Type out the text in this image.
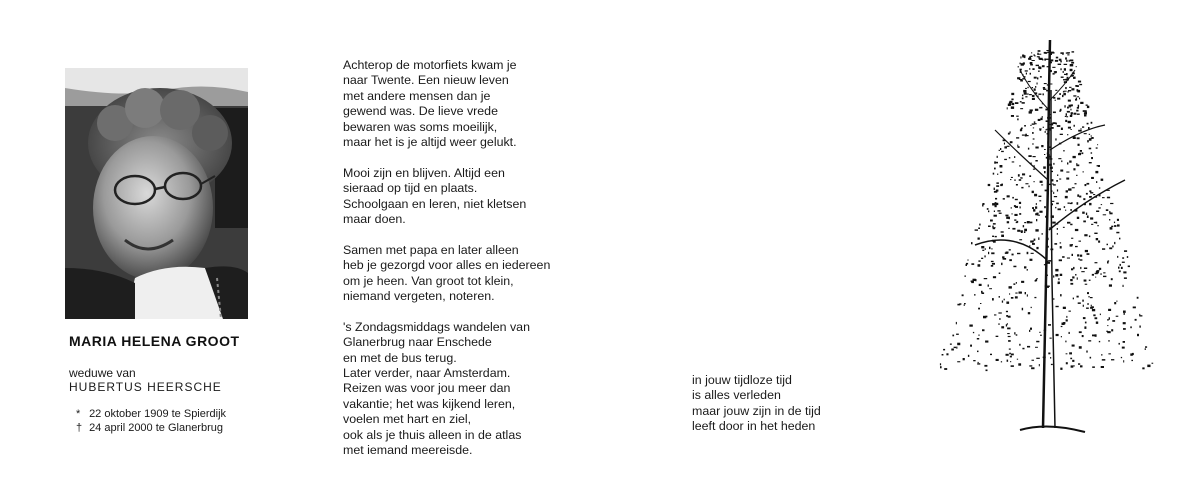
MARIA HELENA GROOT
weduwe van
HUBERTUS HEERSCHE
* 22 oktober 1909 te Spierdijk
† 24 april 2000 te Glanerbrug
Achterop de motorfiets kwam je
naar Twente. Een nieuw leven
met andere mensen dan je
gewend was. De lieve vrede
bewaren was soms moeilijk,
maar het is je altijd weer gelukt.
Mooi zijn en blijven. Altijd een
sieraad op tijd en plaats.
Schoolgaan en leren, niet kletsen
maar doen.
Samen met papa en later alleen
heb je gezorgd voor alles en iedereen
om je heen. Van groot tot klein,
niemand vergeten, noteren.
's Zondagsmiddags wandelen van
Glanerbrug naar Enschede
en met de bus terug.
Later verder, naar Amsterdam.
Reizen was voor jou meer dan
vakantie; het was kijkend leren,
voelen met hart en ziel,
ook als je thuis alleen in de atlas
met iemand meereisde.
in jouw tijdloze tijd
is alles verleden
maar jouw zijn in de tijd
leeft door in het heden
